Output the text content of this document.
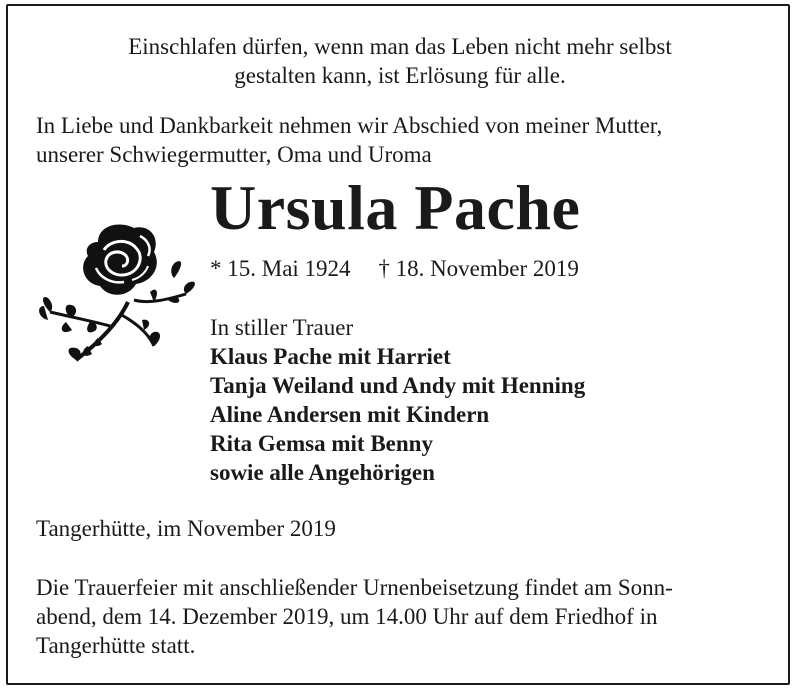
Einschlafen dürfen, wenn man das Leben nicht mehr selbst
gestalten kann, ist Erlösung für alle.
In Liebe und Dankbarkeit nehmen wir Abschied von meiner Mutter,
unserer Schwiegermutter, Oma und Uroma
Ursula Pache
* 15. Mai 1924 † 18. November 2019
In stiller Trauer
Klaus Pache mit Harriet
Tanja Weiland und Andy mit Henning
Aline Andersen mit Kindern
Rita Gemsa mit Benny
sowie alle Angehörigen
Tangerhütte, im November 2019
Die Trauerfeier mit anschließender Urnenbeisetzung findet am Sonn-
abend, dem 14. Dezember 2019, um 14.00 Uhr auf dem Friedhof in
Tangerhütte statt.
